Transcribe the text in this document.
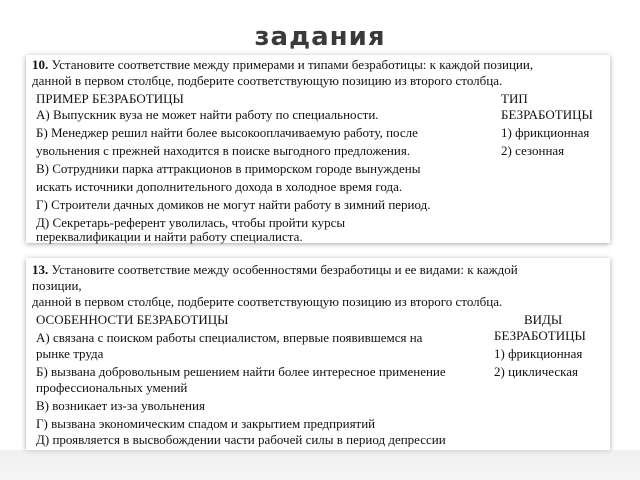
задания
10. Установите соответствие между примерами и типами безработицы: к каждой позиции,
данной в первом столбце, подберите соответствующую позицию из второго столбца.
ПРИМЕР БЕЗРАБОТИЦЫ	ТИП
БЕЗРАБОТИЦЫ
А) Выпускник вуза не может найти работу по специальности.
Б) Менеджер решил найти более высокооплачиваемую работу, после	1) фрикционная
увольнения с прежней находится в поиске выгодного предложения.	2) сезонная
В) Сотрудники парка аттракционов в приморском городе вынуждены
искать источники дополнительного дохода в холодное время года.
Г) Строители дачных домиков не могут найти работу в зимний период.
Д) Секретарь-референт уволилась, чтобы пройти курсы
переквалификации и найти работу специалиста.
13. Установите соответствие между особенностями безработицы и ее видами: к каждой
позиции,
данной в первом столбце, подберите соответствующую позицию из второго столбца.
ОСОБЕННОСТИ БЕЗРАБОТИЦЫ	ВИДЫ
БЕЗРАБОТИЦЫ
А) связана с поиском работы специалистом, впервые появившемся на
рынке труда	1) фрикционная
Б) вызвана добровольным решением найти более интересное применение	2) циклическая
профессиональных умений
В) возникает из-за увольнения
Г) вызвана экономическим спадом и закрытием предприятий
Д) проявляется в высвобождении части рабочей силы в период депрессии
